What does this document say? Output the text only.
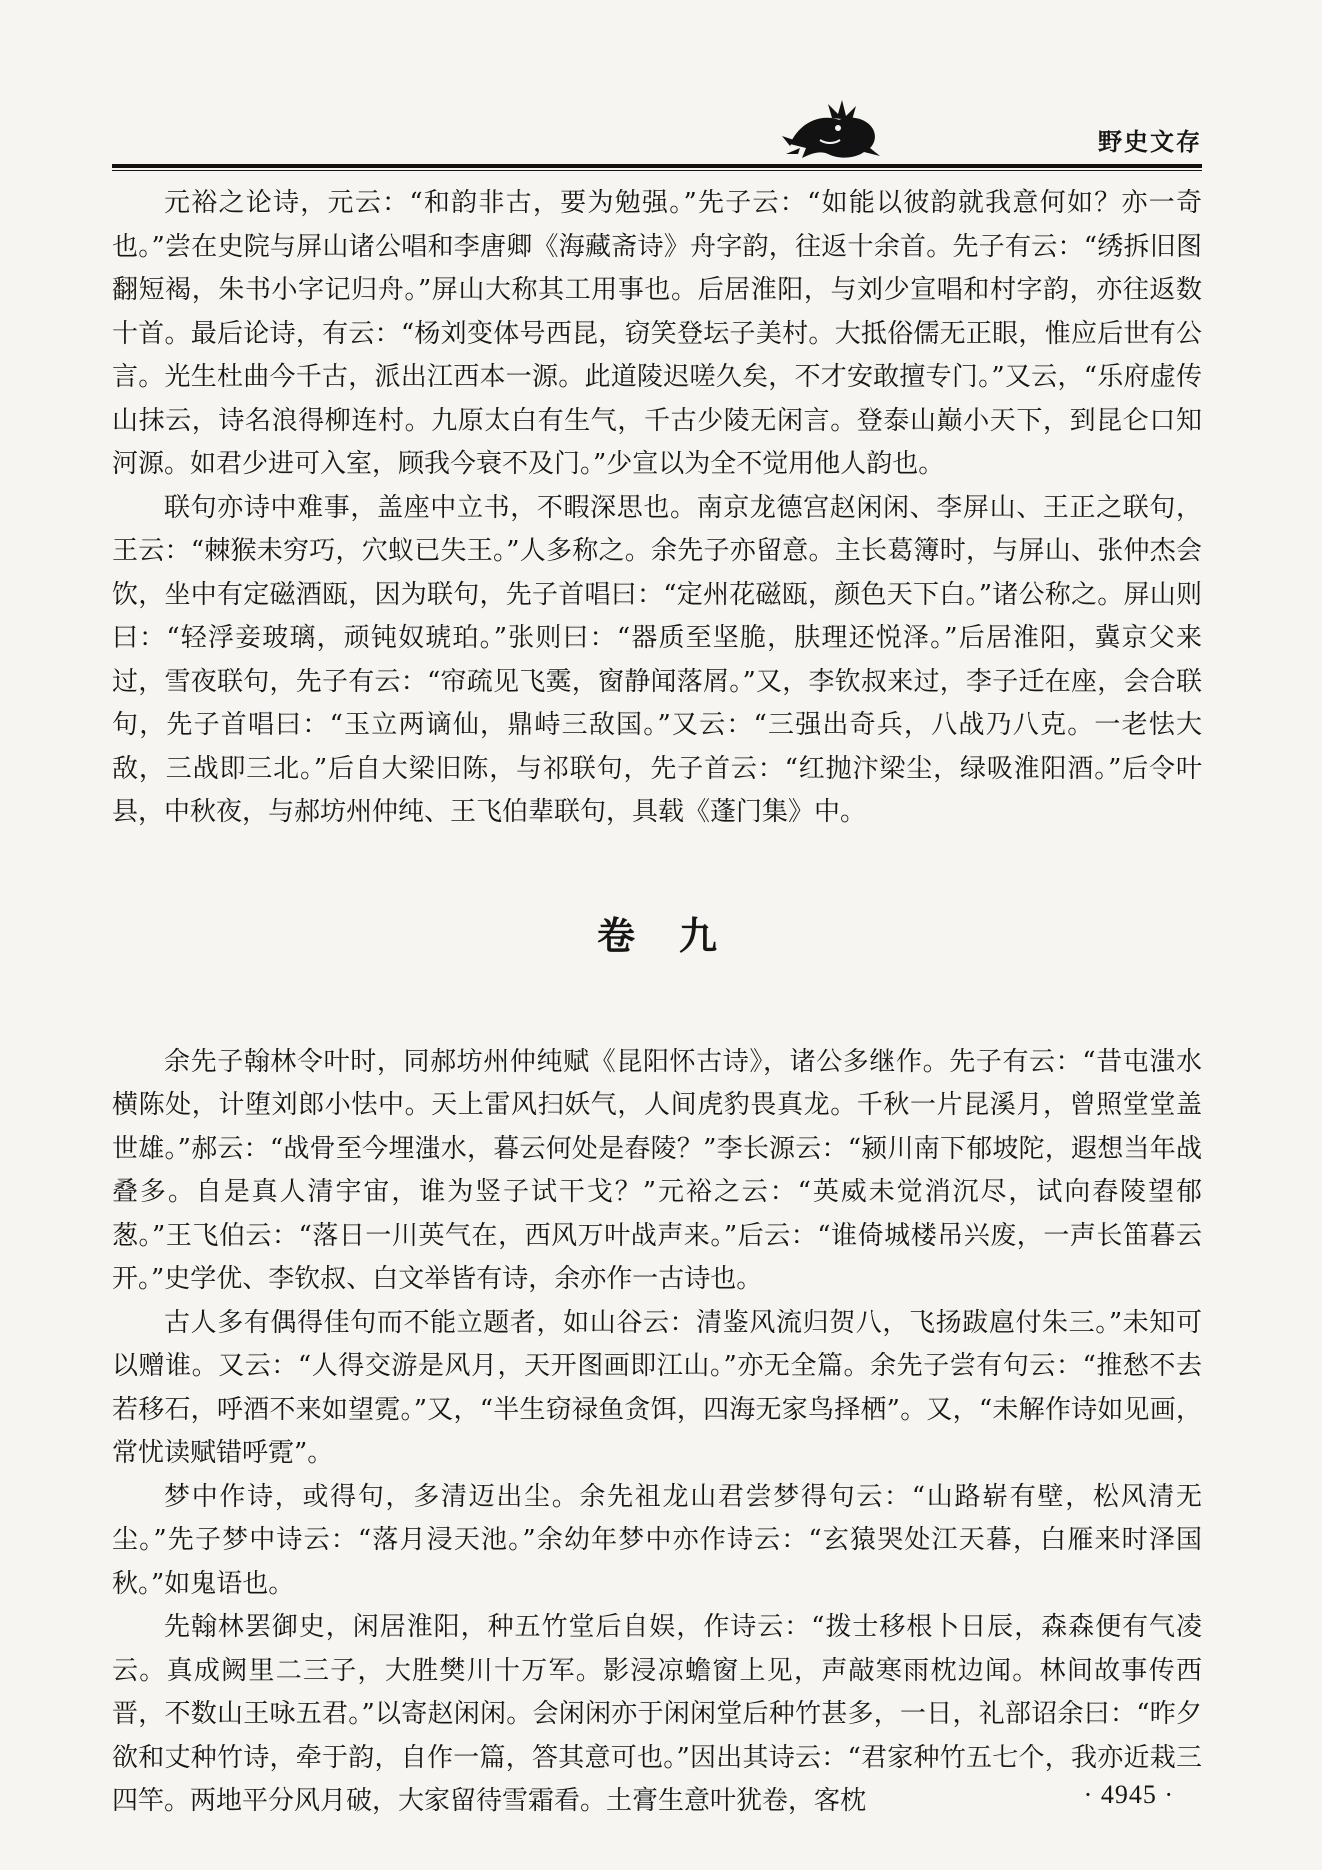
野史文存

元裕之论诗，元云：“和韵非古，要为勉强。”先子云：“如能以彼韵就我意何如？亦一奇也。”尝在史院与屏山诸公唱和李唐卿《海藏斋诗》舟字韵，往返十余首。先子有云：“绣拆旧图翻短褐，朱书小字记归舟。”屏山大称其工用事也。后居淮阳，与刘少宣唱和村字韵，亦往返数十首。最后论诗，有云：“杨刘变体号西昆，窃笑登坛子美村。大抵俗儒无正眼，惟应后世有公言。光生杜曲今千古，派出江西本一源。此道陵迟嗟久矣，不才安敢擅专门。”又云，“乐府虚传山抹云，诗名浪得柳连村。九原太白有生气，千古少陵无闲言。登泰山巅小天下，到昆仑口知河源。如君少进可入室，顾我今衰不及门。”少宣以为全不觉用他人韵也。

联句亦诗中难事，盖座中立书，不暇深思也。南京龙德宫赵闲闲、李屏山、王正之联句，王云：“棘猴未穷巧，穴蚁已失王。”人多称之。余先子亦留意。主长葛簿时，与屏山、张仲杰会饮，坐中有定磁酒瓯，因为联句，先子首唱曰：“定州花磁瓯，颜色天下白。”诸公称之。屏山则曰：“轻浮妾玻璃，顽钝奴琥珀。”张则曰：“器质至坚脆，肤理还悦泽。”后居淮阳，冀京父来过，雪夜联句，先子有云：“帘疏见飞霙，窗静闻落屑。”又，李钦叔来过，李子迁在座，会合联句，先子首唱曰：“玉立两谪仙，鼎峙三敌国。”又云：“三强出奇兵，八战乃八克。一老怯大敌，三战即三北。”后自大梁旧陈，与祁联句，先子首云：“红抛汴梁尘，绿吸淮阳酒。”后令叶县，中秋夜，与郝坊州仲纯、王飞伯辈联句，具载《蓬门集》中。

卷九

余先子翰林令叶时，同郝坊州仲纯赋《昆阳怀古诗》，诸公多继作。先子有云：“昔屯滍水横陈处，计堕刘郎小怯中。天上雷风扫妖气，人间虎豹畏真龙。千秋一片昆溪月，曾照堂堂盖世雄。”郝云：“战骨至今埋滍水，暮云何处是舂陵？”李长源云：“颍川南下郁坡陀，遐想当年战叠多。自是真人清宇宙，谁为竖子试干戈？”元裕之云：“英威未觉消沉尽，试向舂陵望郁葱。”王飞伯云：“落日一川英气在，西风万叶战声来。”后云：“谁倚城楼吊兴废，一声长笛暮云开。”史学优、李钦叔、白文举皆有诗，余亦作一古诗也。

古人多有偶得佳句而不能立题者，如山谷云：清鉴风流归贺八，飞扬跋扈付朱三。”未知可以赠谁。又云：“人得交游是风月，天开图画即江山。”亦无全篇。余先子尝有句云：“推愁不去若移石，呼酒不来如望霓。”又，“半生窃禄鱼贪饵，四海无家鸟择栖”。又，“未解作诗如见画，常忧读赋错呼霓”。

梦中作诗，或得句，多清迈出尘。余先祖龙山君尝梦得句云：“山路崭有壁，松风清无尘。”先子梦中诗云：“落月浸天池。”余幼年梦中亦作诗云：“玄猿哭处江天暮，白雁来时泽国秋。”如鬼语也。

先翰林罢御史，闲居淮阳，种五竹堂后自娱，作诗云：“拨士移根卜日辰，森森便有气凌云。真成阙里二三子，大胜樊川十万军。影浸凉蟾窗上见，声敲寒雨枕边闻。林间故事传西晋，不数山王咏五君。”以寄赵闲闲。会闲闲亦于闲闲堂后种竹甚多，一日，礼部诏余曰：“昨夕欲和丈种竹诗，牵于韵，自作一篇，答其意可也。”因出其诗云：“君家种竹五七个，我亦近栽三四竿。两地平分风月破，大家留待雪霜看。土膏生意叶犹卷，客枕	· 4945 ·
